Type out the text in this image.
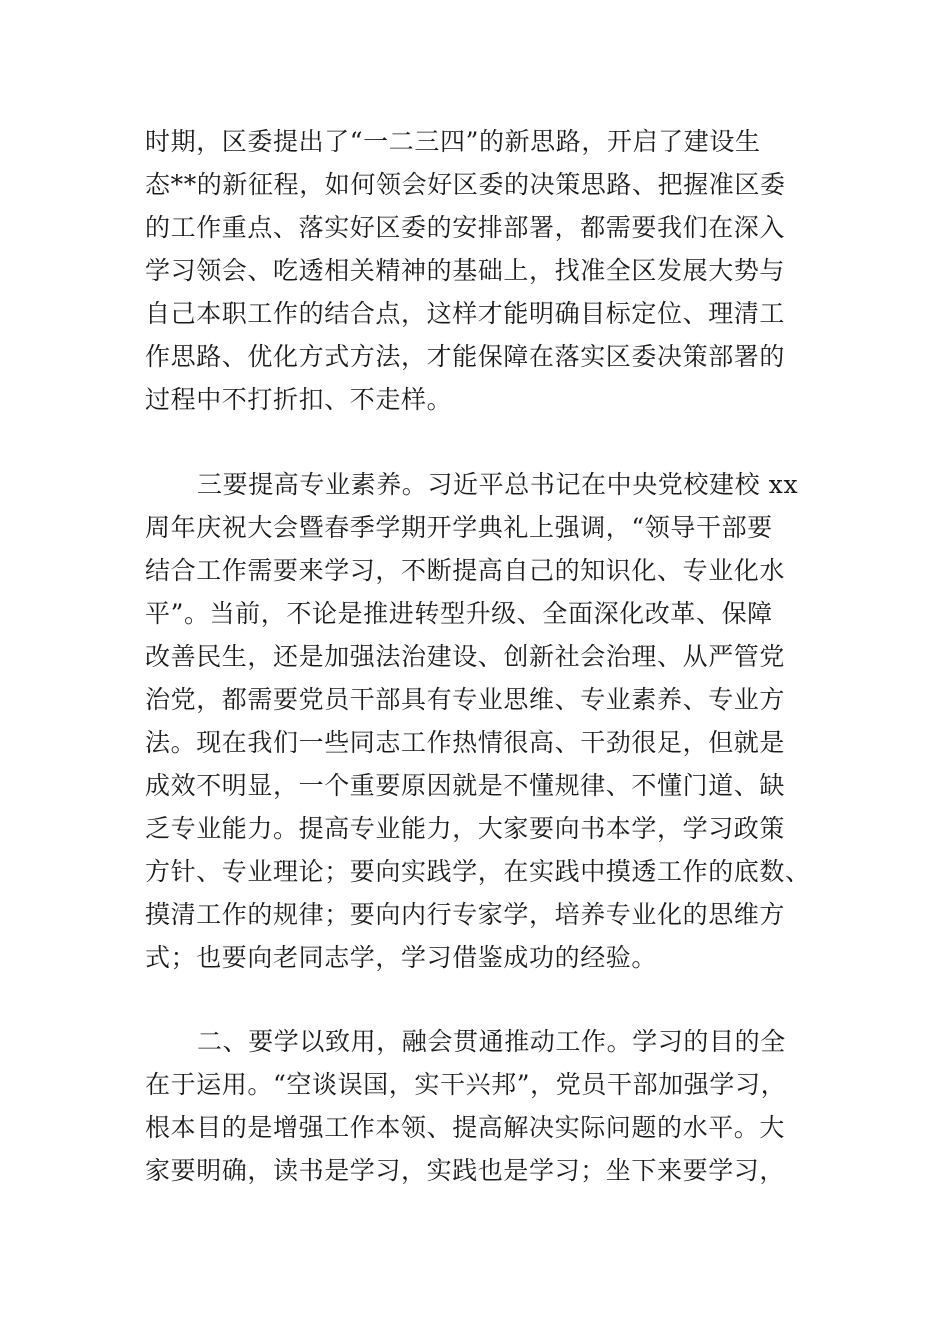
时期，区委提出了“一二三四”的新思路，开启了建设生
态**的新征程，如何领会好区委的决策思路、把握准区委
的工作重点、落实好区委的安排部署，都需要我们在深入
学习领会、吃透相关精神的基础上，找准全区发展大势与
自己本职工作的结合点，这样才能明确目标定位、理清工
作思路、优化方式方法，才能保障在落实区委决策部署的
过程中不打折扣、不走样。
三要提高专业素养。习近平总书记在中央党校建校 xx
周年庆祝大会暨春季学期开学典礼上强调，“领导干部要
结合工作需要来学习，不断提高自己的知识化、专业化水
平”。当前，不论是推进转型升级、全面深化改革、保障
改善民生，还是加强法治建设、创新社会治理、从严管党
治党，都需要党员干部具有专业思维、专业素养、专业方
法。现在我们一些同志工作热情很高、干劲很足，但就是
成效不明显，一个重要原因就是不懂规律、不懂门道、缺
乏专业能力。提高专业能力，大家要向书本学，学习政策
方针、专业理论；要向实践学，在实践中摸透工作的底数、
摸清工作的规律；要向内行专家学，培养专业化的思维方
式；也要向老同志学，学习借鉴成功的经验。
二、要学以致用，融会贯通推动工作。学习的目的全
在于运用。“空谈误国，实干兴邦”，党员干部加强学习，
根本目的是增强工作本领、提高解决实际问题的水平。大
家要明确，读书是学习，实践也是学习；坐下来要学习，
